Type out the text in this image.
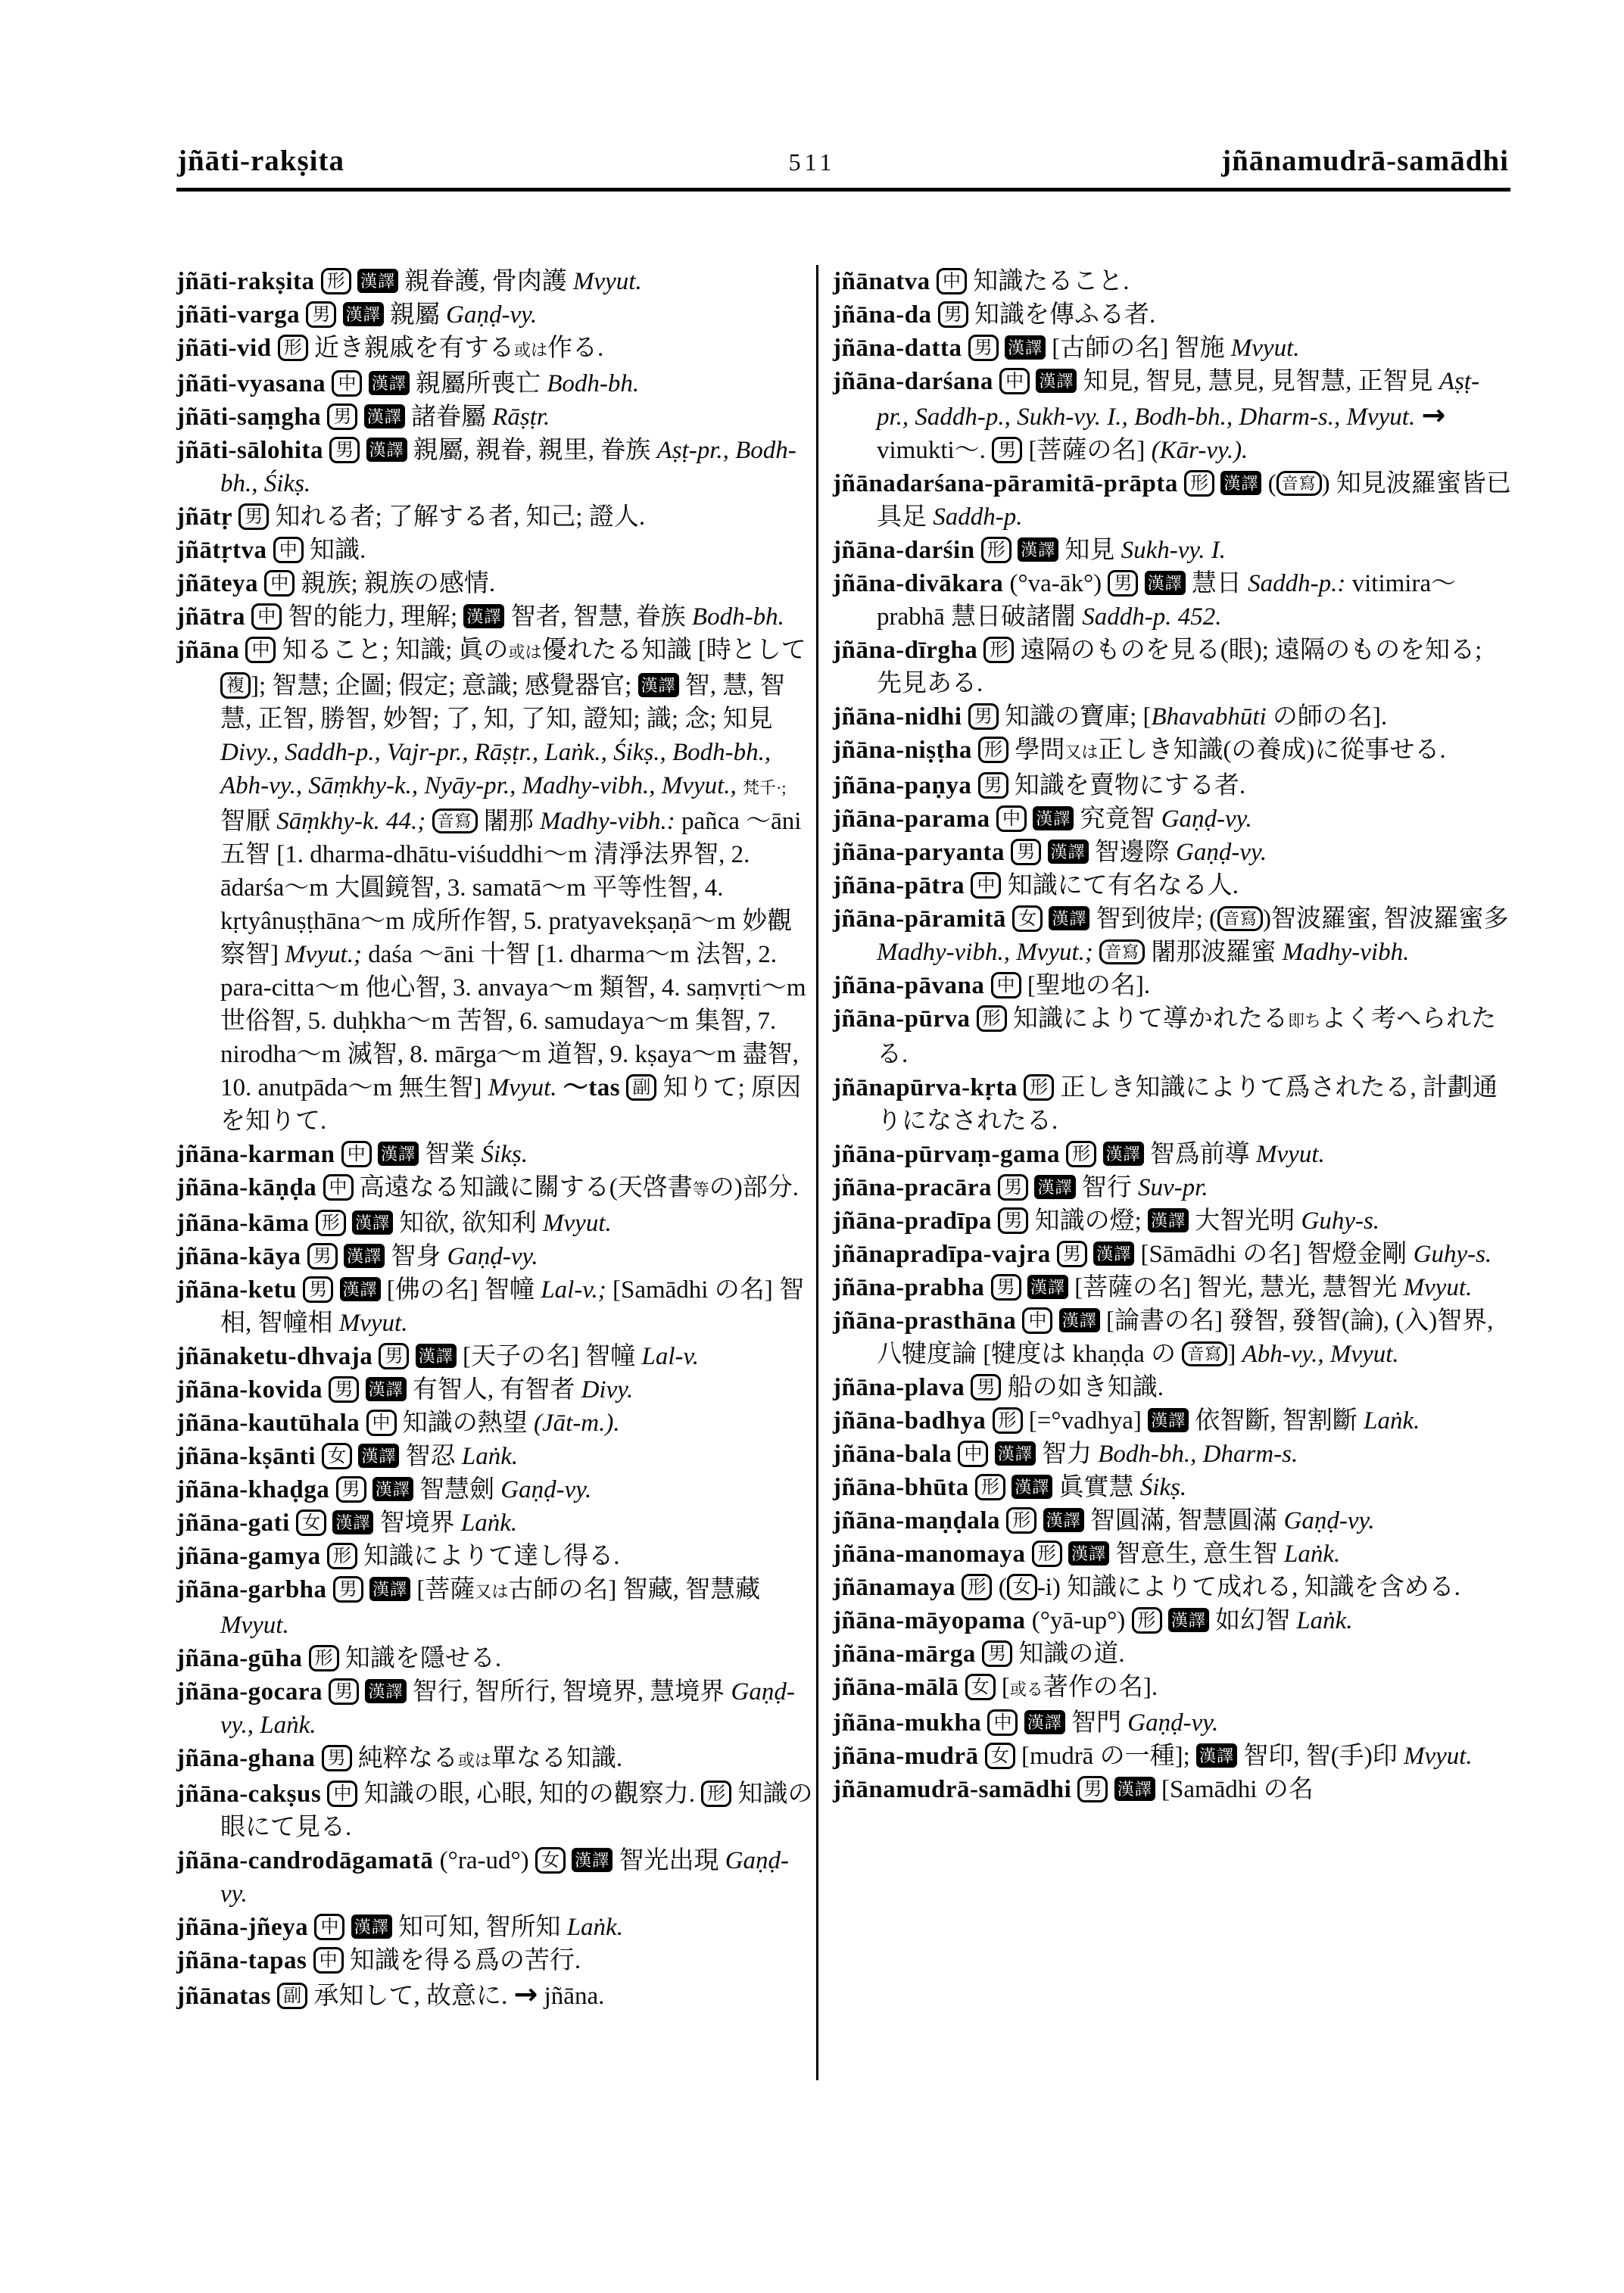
jñāti-rakṣita	511	jñānamudrā-samādhi
jñāti-rakṣita 形 漢譯 親眷護, 骨肉護 Mvyut.
jñāti-varga 男 漢譯 親屬 Gaṇḍ-vy.
jñāti-vid 形 近き親戚を有する或は作る.
jñāti-vyasana 中 漢譯 親屬所喪亡 Bodh-bh.
jñāti-saṃgha 男 漢譯 諸眷屬 Rāṣṭr.
jñāti-sālohita 男 漢譯 親屬, 親眷, 親里, 眷族 Aṣṭ-pr., Bodh-bh., Śikṣ.
jñātṛ 男 知れる者; 了解する者, 知己; 證人.
jñātṛtva 中 知識.
jñāteya 中 親族; 親族の感情.
jñātra 中 智的能力, 理解; 漢譯 智者, 智慧, 眷族 Bodh-bh.
jñāna 中 知ること; 知識; 眞の或は優れたる知識 [時として 複 ]; 智慧; 企圖; 假定; 意識; 感覺器官; 漢譯 智, 慧, 智慧, 正智, 勝智, 妙智; 了, 知, 了知, 證知; 識; 念; 知見 Divy., Saddh-p., Vajr-pr., Rāṣṭr., Laṅk., Śikṣ., Bodh-bh., Abh-vy., Sāṃkhy-k., Nyāy-pr., Madhy-vibh., Mvyut., 梵千·; 智厭 Sāṃkhy-k. 44.; 音寫 闍那 Madhy-vibh.: pañca 〜āni 五智 [1. dharma-dhātu-viśuddhi〜m 清淨法界智, 2. ādarśa〜m 大圓鏡智, 3. samatā〜m 平等性智, 4. kṛtyânuṣṭhāna〜m 成所作智, 5. pratyavekṣaṇā〜m 妙觀察智] Mvyut.; daśa 〜āni 十智 [1. dharma〜m 法智, 2. para-citta〜m 他心智, 3. anvaya〜m 類智, 4. saṃvṛti〜m 世俗智, 5. duḥkha〜m 苦智, 6. samudaya〜m 集智, 7. nirodha〜m 滅智, 8. mārga〜m 道智, 9. kṣaya〜m 盡智, 10. anutpāda〜m 無生智] Mvyut. 〜tas 副 知りて; 原因を知りて.
jñāna-karman 中 漢譯 智業 Śikṣ.
jñāna-kāṇḍa 中 高遠なる知識に關する(天啓書等の)部分.
jñāna-kāma 形 漢譯 知欲, 欲知利 Mvyut.
jñāna-kāya 男 漢譯 智身 Gaṇḍ-vy.
jñāna-ketu 男 漢譯 [佛の名] 智幢 Lal-v.; [Samādhi の名] 智相, 智幢相 Mvyut.
jñānaketu-dhvaja 男 漢譯 [天子の名] 智幢 Lal-v.
jñāna-kovida 男 漢譯 有智人, 有智者 Divy.
jñāna-kautūhala 中 知識の熱望 (Jāt-m.).
jñāna-kṣānti 女 漢譯 智忍 Laṅk.
jñāna-khaḍga 男 漢譯 智慧劍 Gaṇḍ-vy.
jñāna-gati 女 漢譯 智境界 Laṅk.
jñāna-gamya 形 知識によりて達し得る.
jñāna-garbha 男 漢譯 [菩薩又は古師の名] 智藏, 智慧藏 Mvyut.
jñāna-gūha 形 知識を隱せる.
jñāna-gocara 男 漢譯 智行, 智所行, 智境界, 慧境界 Gaṇḍ-vy., Laṅk.
jñāna-ghana 男 純粹なる或は單なる知識.
jñāna-cakṣus 中 知識の眼, 心眼, 知的の觀察力. 形 知識の眼にて見る.
jñāna-candrodāgamatā (°ra-ud°) 女 漢譯 智光出現 Gaṇḍ-vy.
jñāna-jñeya 中 漢譯 知可知, 智所知 Laṅk.
jñāna-tapas 中 知識を得る爲の苦行.
jñānatas 副 承知して, 故意に. → jñāna.
jñānatva 中 知識たること.
jñāna-da 男 知識を傳ふる者.
jñāna-datta 男 漢譯 [古師の名] 智施 Mvyut.
jñāna-darśana 中 漢譯 知見, 智見, 慧見, 見智慧, 正智見 Aṣṭ-pr., Saddh-p., Sukh-vy. I., Bodh-bh., Dharm-s., Mvyut. → vimukti〜. 男 [菩薩の名] (Kār-vy.).
jñānadarśana-pāramitā-prāpta 形 漢譯 ( 音寫 ) 知見波羅蜜皆已具足 Saddh-p.
jñāna-darśin 形 漢譯 知見 Sukh-vy. I.
jñāna-divākara (°va-āk°) 男 漢譯 慧日 Saddh-p.: vitimira〜prabhā 慧日破諸闇 Saddh-p. 452.
jñāna-dīrgha 形 遠隔のものを見る(眼); 遠隔のものを知る; 先見ある.
jñāna-nidhi 男 知識の寶庫; [Bhavabhūti の師の名].
jñāna-niṣṭha 形 學問又は正しき知識(の養成)に從事せる.
jñāna-paṇya 男 知識を賣物にする者.
jñāna-parama 中 漢譯 究竟智 Gaṇḍ-vy.
jñāna-paryanta 男 漢譯 智邊際 Gaṇḍ-vy.
jñāna-pātra 中 知識にて有名なる人.
jñāna-pāramitā 女 漢譯 智到彼岸; ( 音寫 )智波羅蜜, 智波羅蜜多 Madhy-vibh., Mvyut.; 音寫 闍那波羅蜜 Madhy-vibh.
jñāna-pāvana 中 [聖地の名].
jñāna-pūrva 形 知識によりて導かれたる即ちよく考へられたる.
jñānapūrva-kṛta 形 正しき知識によりて爲されたる, 計劃通りになされたる.
jñāna-pūrvaṃ-gama 形 漢譯 智爲前導 Mvyut.
jñāna-pracāra 男 漢譯 智行 Suv-pr.
jñāna-pradīpa 男 知識の燈; 漢譯 大智光明 Guhy-s.
jñānapradīpa-vajra 男 漢譯 [Sāmādhi の名] 智燈金剛 Guhy-s.
jñāna-prabha 男 漢譯 [菩薩の名] 智光, 慧光, 慧智光 Mvyut.
jñāna-prasthāna 中 漢譯 [論書の名] 發智, 發智(論), (入)智界, 八犍度論 [犍度は khaṇḍa の 音寫 ] Abh-vy., Mvyut.
jñāna-plava 男 船の如き知識.
jñāna-badhya 形 [=°vadhya] 漢譯 依智斷, 智割斷 Laṅk.
jñāna-bala 中 漢譯 智力 Bodh-bh., Dharm-s.
jñāna-bhūta 形 漢譯 眞實慧 Śikṣ.
jñāna-maṇḍala 形 漢譯 智圓滿, 智慧圓滿 Gaṇḍ-vy.
jñāna-manomaya 形 漢譯 智意生, 意生智 Laṅk.
jñānamaya 形 ( 女 -i) 知識によりて成れる, 知識を含める.
jñāna-māyopama (°yā-up°) 形 漢譯 如幻智 Laṅk.
jñāna-mārga 男 知識の道.
jñāna-mālā 女 [或る著作の名].
jñāna-mukha 中 漢譯 智門 Gaṇḍ-vy.
jñāna-mudrā 女 [mudrā の一種]; 漢譯 智印, 智(手)印 Mvyut.
jñānamudrā-samādhi 男 漢譯 [Samādhi の名
